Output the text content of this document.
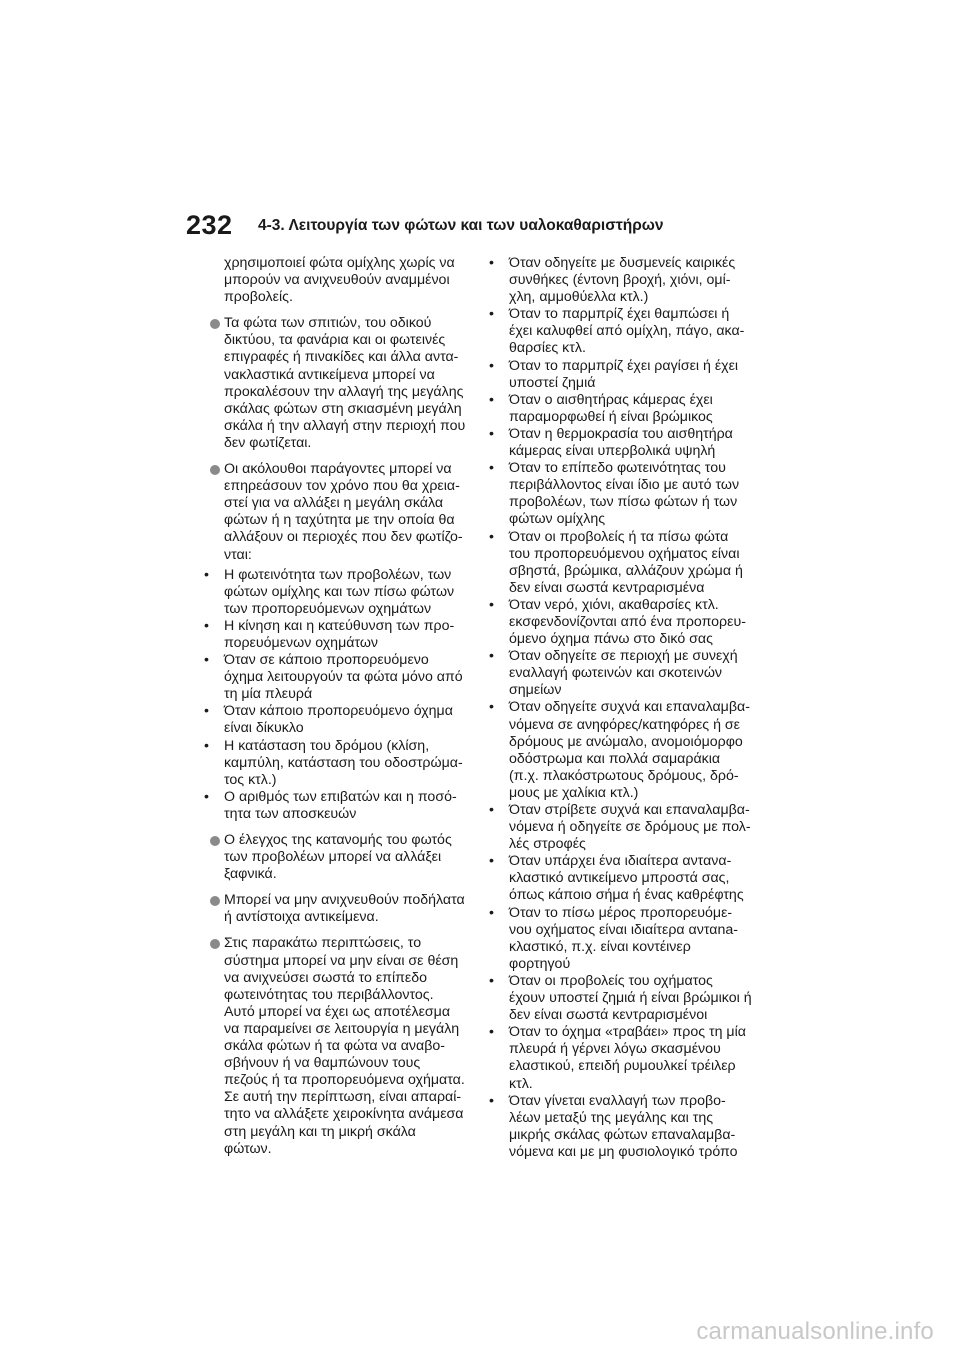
232 4-3. Λειτουργία των φώτων και των υαλοκαθαριστήρων

χρησιμοποιεί φώτα ομίχλης χωρίς να μπορούν να ανιχνευθούν αναμμένοι προβολείς.

Τα φώτα των σπιτιών, του οδικού δικτύου, τα φανάρια και οι φωτεινές επιγραφές ή πινακίδες και άλλα αντα-νακλαστικά αντικείμενα μπορεί να προκαλέσουν την αλλαγή της μεγάλης σκάλας φώτων στη σκιασμένη μεγάλη σκάλα ή την αλλαγή στην περιοχή που δεν φωτίζεται.

Οι ακόλουθοι παράγοντες μπορεί να επηρεάσουν τον χρόνο που θα χρεια-στεί για να αλλάξει η μεγάλη σκάλα φώτων ή η ταχύτητα με την οποία θα αλλάξουν οι περιοχές που δεν φωτίζο-νται:

• Η φωτεινότητα των προβολέων, των φώτων ομίχλης και των πίσω φώτων των προπορευόμενων οχημάτων
• Η κίνηση και η κατεύθυνση των προ-πορευόμενων οχημάτων
• Όταν σε κάποιο προπορευόμενο όχημα λειτουργούν τα φώτα μόνο από τη μία πλευρά
• Όταν κάποιο προπορευόμενο όχημα είναι δίκυκλο
• Η κατάσταση του δρόμου (κλίση, καμπύλη, κατάσταση του οδοστρώμα-τος κτλ.)
• Ο αριθμός των επιβατών και η ποσό-τητα των αποσκευών

Ο έλεγχος της κατανομής του φωτός των προβολέων μπορεί να αλλάξει ξαφνικά.

Μπορεί να μην ανιχνευθούν ποδήλατα ή αντίστοιχα αντικείμενα.

Στις παρακάτω περιπτώσεις, το σύστημα μπορεί να μην είναι σε θέση να ανιχνεύσει σωστά το επίπεδο φωτεινότητας του περιβάλλοντος. Αυτό μπορεί να έχει ως αποτέλεσμα να παραμείνει σε λειτουργία η μεγάλη σκάλα φώτων ή τα φώτα να αναβο-σβήνουν ή να θαμπώνουν τους πεζούς ή τα προπορευόμενα οχήματα. Σε αυτή την περίπτωση, είναι απαραί-τητο να αλλάξετε χειροκίνητα ανάμεσα στη μεγάλη και τη μικρή σκάλα φώτων.

• Όταν οδηγείτε με δυσμενείς καιρικές συνθήκες (έντονη βροχή, χιόνι, ομί-χλη, αμμοθύελλα κτλ.)
• Όταν το παρμπρίζ έχει θαμπώσει ή έχει καλυφθεί από ομίχλη, πάγο, ακα-θαρσίες κτλ.
• Όταν το παρμπρίζ έχει ραγίσει ή έχει υποστεί ζημιά
• Όταν ο αισθητήρας κάμερας έχει παραμορφωθεί ή είναι βρώμικος
• Όταν η θερμοκρασία του αισθητήρα κάμερας είναι υπερβολικά υψηλή
• Όταν το επίπεδο φωτεινότητας του περιβάλλοντος είναι ίδιο με αυτό των προβολέων, των πίσω φώτων ή των φώτων ομίχλης
• Όταν οι προβολείς ή τα πίσω φώτα του προπορευόμενου οχήματος είναι σβηστά, βρώμικα, αλλάζουν χρώμα ή δεν είναι σωστά κεντραρισμένα
• Όταν νερό, χιόνι, ακαθαρσίες κτλ. εκσφενδονίζονται από ένα προπορευ-όμενο όχημα πάνω στο δικό σας
• Όταν οδηγείτε σε περιοχή με συνεχή εναλλαγή φωτεινών και σκοτεινών σημείων
• Όταν οδηγείτε συχνά και επαναλαμβα-νόμενα σε ανηφόρες/κατηφόρες ή σε δρόμους με ανώμαλο, ανομοιόμορφο οδόστρωμα και πολλά σαμαράκια (π.χ. πλακόστρωτους δρόμους, δρό-μους με χαλίκια κτλ.)
• Όταν στρίβετε συχνά και επαναλαμβα-νόμενα ή οδηγείτε σε δρόμους με πολ-λές στροφές
• Όταν υπάρχει ένα ιδιαίτερα αντανα-κλαστικό αντικείμενο μπροστά σας, όπως κάποιο σήμα ή ένας καθρέφτης
• Όταν το πίσω μέρος προπορευόμε-νου οχήματος είναι ιδιαίτερα ανταna-κλαστικό, π.χ. είναι κοντέινερ φορτηγού
• Όταν οι προβολείς του οχήματος έχουν υποστεί ζημιά ή είναι βρώμικοι ή δεν είναι σωστά κεντραρισμένοι
• Όταν το όχημα «τραβάει» προς τη μία πλευρά ή γέρνει λόγω σκασμένου ελαστικού, επειδή ρυμουλκεί τρέιλερ κτλ.
• Όταν γίνεται εναλλαγή των προβο-λέων μεταξύ της μεγάλης και της μικρής σκάλας φώτων επαναλαμβα-νόμενα και με μη φυσιολογικό τρόπο
carmanualsonline.info
